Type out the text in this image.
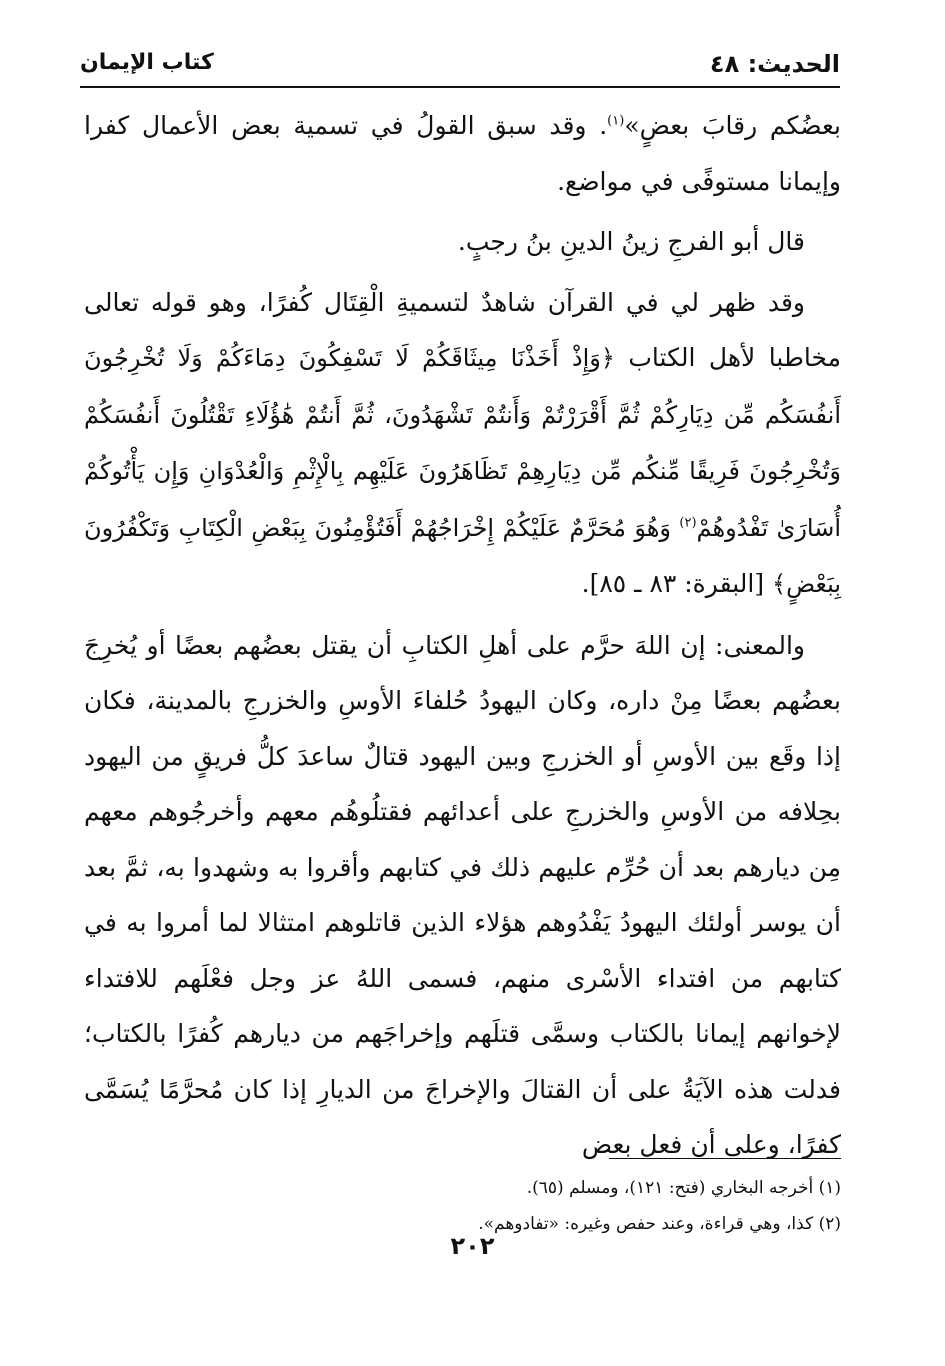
الحديث: ٤٨
كتاب الإيمان

بعضُكم رقابَ بعضٍ»$^{(١)}$. وقد سبق القولُ في تسمية بعض الأعمال كفرا وإيمانا مستوفًى في مواضع.

قال أبو الفرجِ زينُ الدينِ بنُ رجبٍ.

وقد ظهر لي في القرآن شاهدٌ لتسميةِ الْقِتَال كُفرًا، وهو قوله تعالى مخاطبا لأهل الكتاب ﴿وَإِذْ أَخَذْنَا مِيثَاقَكُمْ لَا تَسْفِكُونَ دِمَاءَكُمْ وَلَا تُخْرِجُونَ أَنفُسَكُم مِّن دِيَارِكُمْ ثُمَّ أَقْرَرْتُمْ وَأَنتُمْ تَشْهَدُونَ، ثُمَّ أَنتُمْ هَٰؤُلَاءِ تَقْتُلُونَ أَنفُسَكُمْ وَتُخْرِجُونَ فَرِيقًا مِّنكُم مِّن دِيَارِهِمْ تَظَاهَرُونَ عَلَيْهِم بِالْإِثْمِ وَالْعُدْوَانِ وَإِن يَأْتُوكُمْ أُسَارَىٰ تَفْدُوهُمْ$^{(٢)}$ وَهُوَ مُحَرَّمٌ عَلَيْكُمْ إِخْرَاجُهُمْ أَفَتُؤْمِنُونَ بِبَعْضِ الْكِتَابِ وَتَكْفُرُونَ بِبَعْضٍ﴾ [البقرة: ٨٣ ـ ٨٥].

والمعنى: إن اللهَ حرَّم على أهلِ الكتابِ أن يقتل بعضُهم بعضًا أو يُخرِجَ بعضُهم بعضًا مِنْ داره، وكان اليهودُ حُلفاءَ الأوسِ والخزرجِ بالمدينة، فكان إذا وقَع بين الأوسِ أو الخزرجِ وبين اليهود قتالٌ ساعدَ كلُّ فريقٍ من اليهود بحِلافه من الأوسِ والخزرجِ على أعدائهم فقتلُوهُم معهم وأخرجُوهم معهم مِن ديارهم بعد أن حُرِّم عليهم ذلك في كتابهم وأقروا به وشهدوا به، ثمَّ بعد أن يوسر أولئك اليهودُ يَفْدُوهم هؤلاء الذين قاتلوهم امتثالا لما أمروا به في كتابهم من افتداء الأسْرى منهم، فسمى اللهُ عز وجل فعْلَهم للافتداء لإخوانهم إيمانا بالكتاب وسمَّى قتلَهم وإخراجَهم من ديارهم كُفرًا بالكتاب؛ فدلت هذه الآيَةُ على أن القتالَ والإخراجَ من الديارِ إذا كان مُحرَّمًا يُسَمَّى كفرًا، وعلى أن فعل بعض

(١) أخرجه البخاري (فتح: ١٢١)، ومسلم (٦٥).

(٢) كذا، وهي قراءة، وعند حفص وغيره: «تفادوهم».

٢٠٢
